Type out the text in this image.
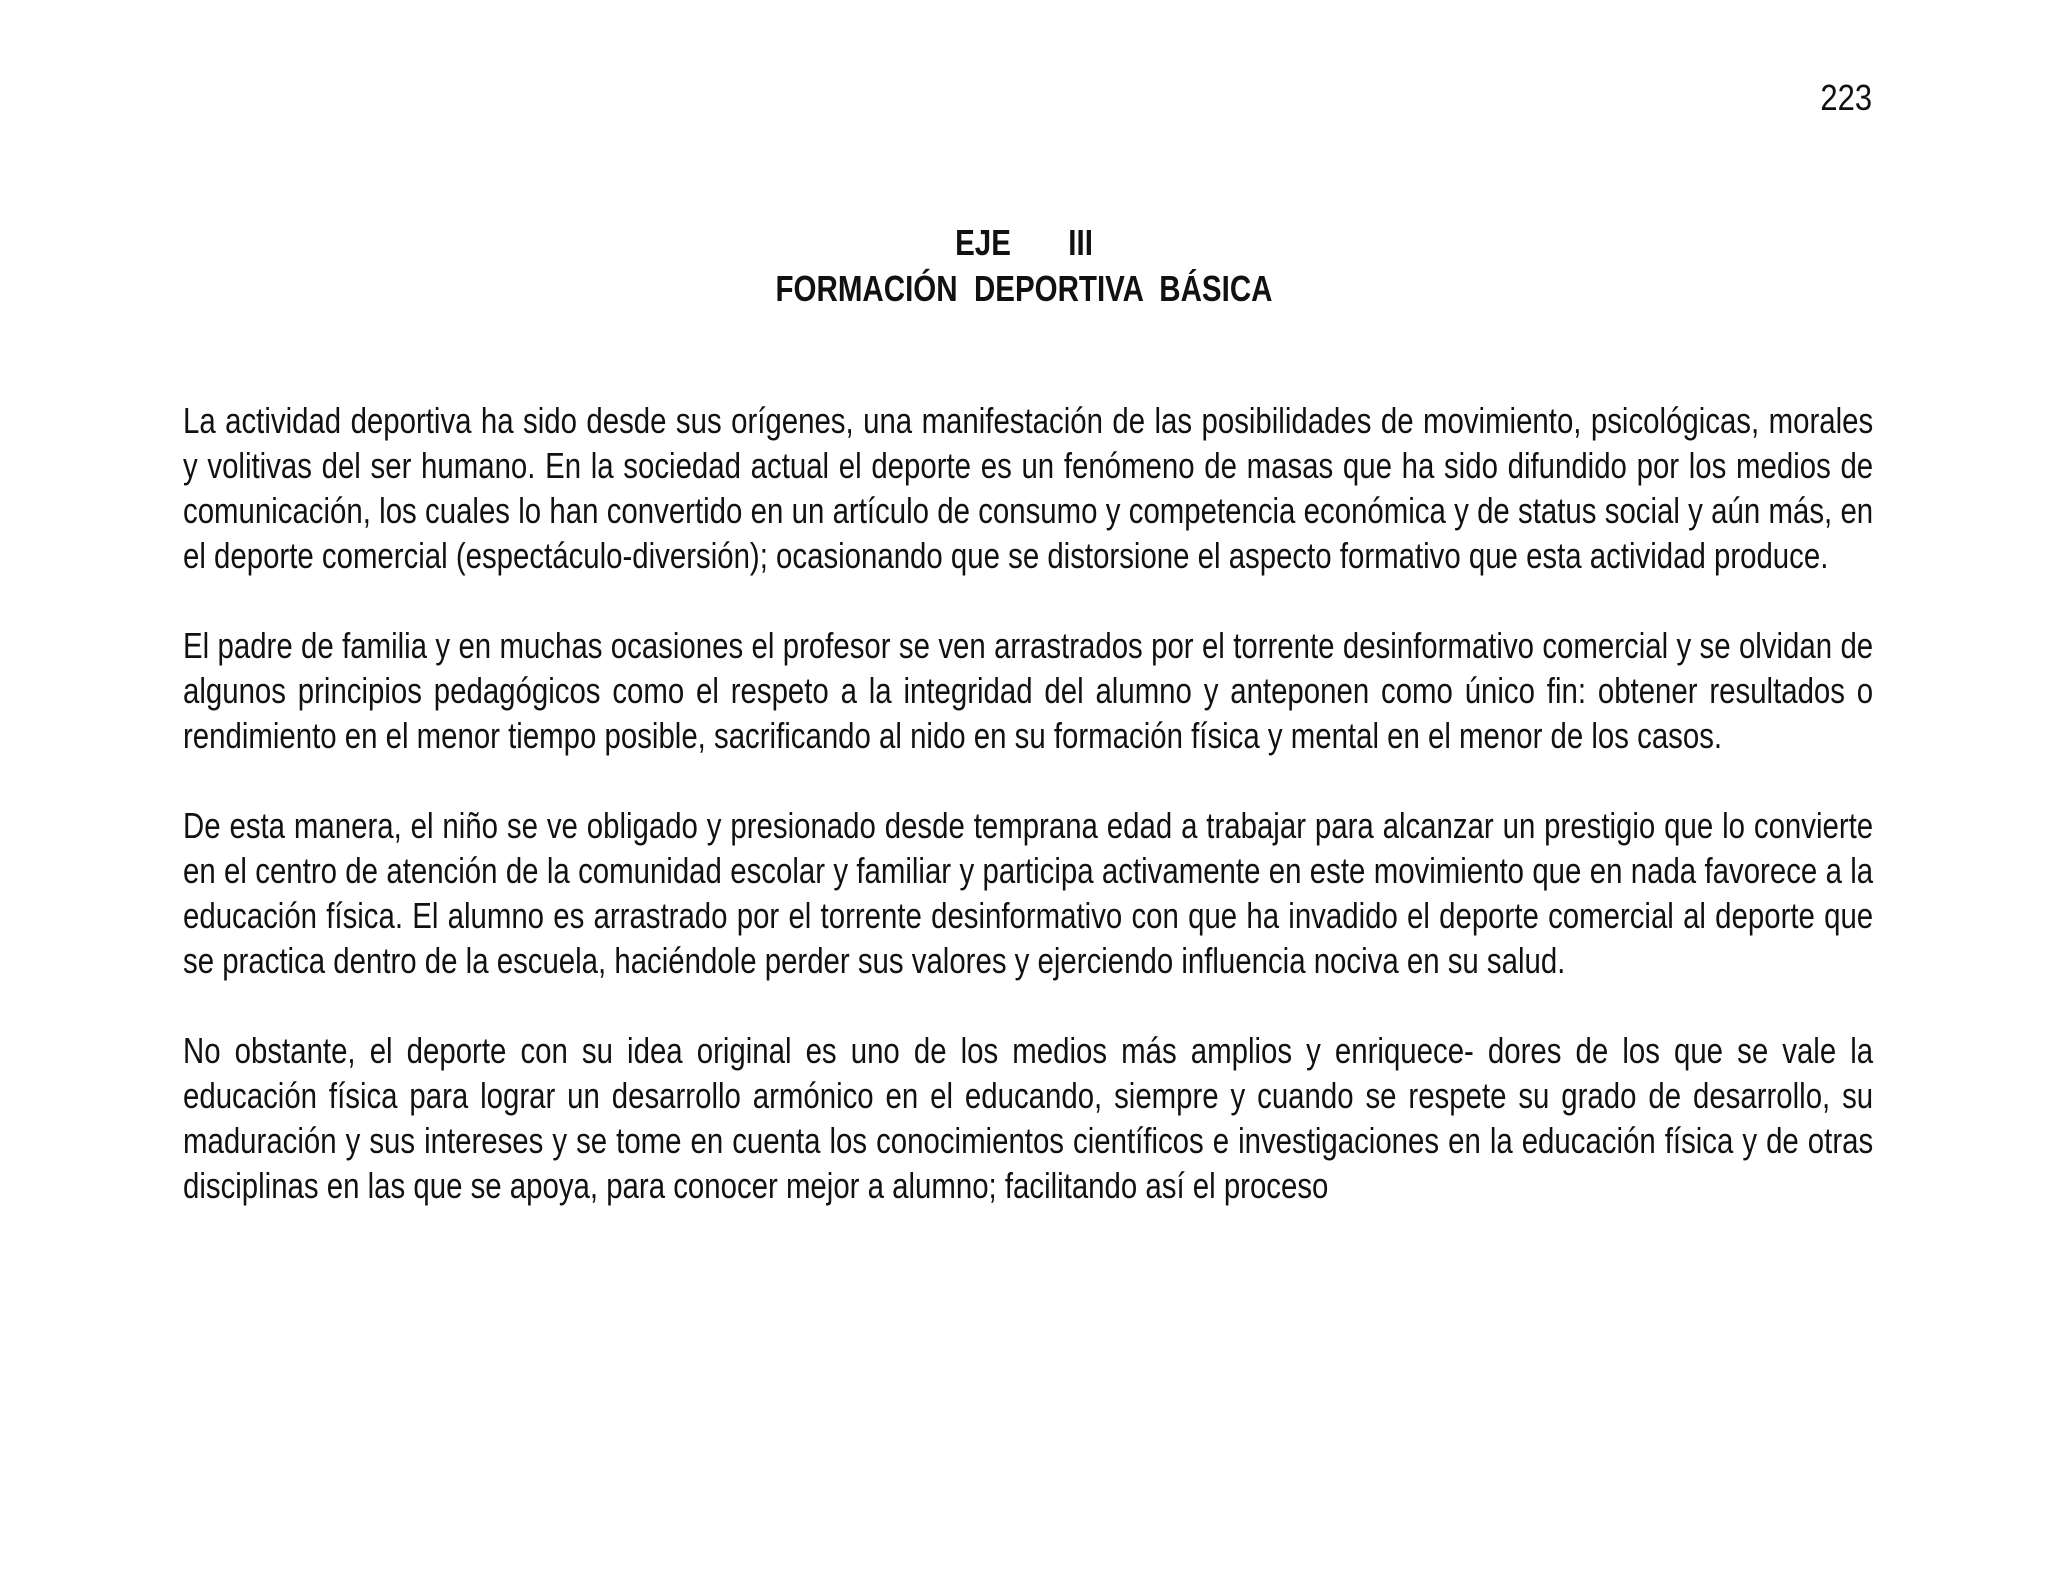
223
EJE III
FORMACIÓN  DEPORTIVA  BÁSICA

La actividad deportiva ha sido desde sus orígenes, una manifestación de las posibilidades de movimiento, psicológicas, morales y volitivas del ser humano. En la sociedad actual el deporte es un fenómeno de masas que ha sido difundido por los medios de comunicación, los cuales lo han convertido en un artículo de consumo y competencia económica y de status social y aún más, en el deporte comercial (espectáculo-diversión); ocasionando que se distorsione el aspecto formativo que esta actividad produce.

El padre de familia y en muchas ocasiones el profesor se ven arrastrados por el torrente desinformativo comercial y se olvidan de algunos principios pedagógicos como el respeto a la integridad del alumno y anteponen como único fin: obtener resultados o rendimiento en el menor tiempo posible, sacrificando al nido en su formación física y mental en el menor de los casos.

De esta manera, el niño se ve obligado y presionado desde temprana edad a trabajar para alcanzar un prestigio que lo convierte en el centro de atención de la comunidad escolar y familiar y participa activamente en este movimiento que en nada favorece a la educación física. El alumno es arrastrado por el torrente desinformativo con que ha invadido el deporte comercial al deporte que se practica dentro de la escuela, haciéndole perder sus valores y ejerciendo influencia nociva en su salud.

No obstante, el deporte con su idea original es uno de los medios más amplios y enriquece- dores de los que se vale la educación física para lograr un desarrollo armónico en el educando, siempre y cuando se respete su grado de desarrollo, su maduración y sus intereses y se tome en cuenta los conocimientos científicos e investigaciones en la educación física y de otras disciplinas en las que se apoya, para conocer mejor a alumno; facilitando así el proceso
